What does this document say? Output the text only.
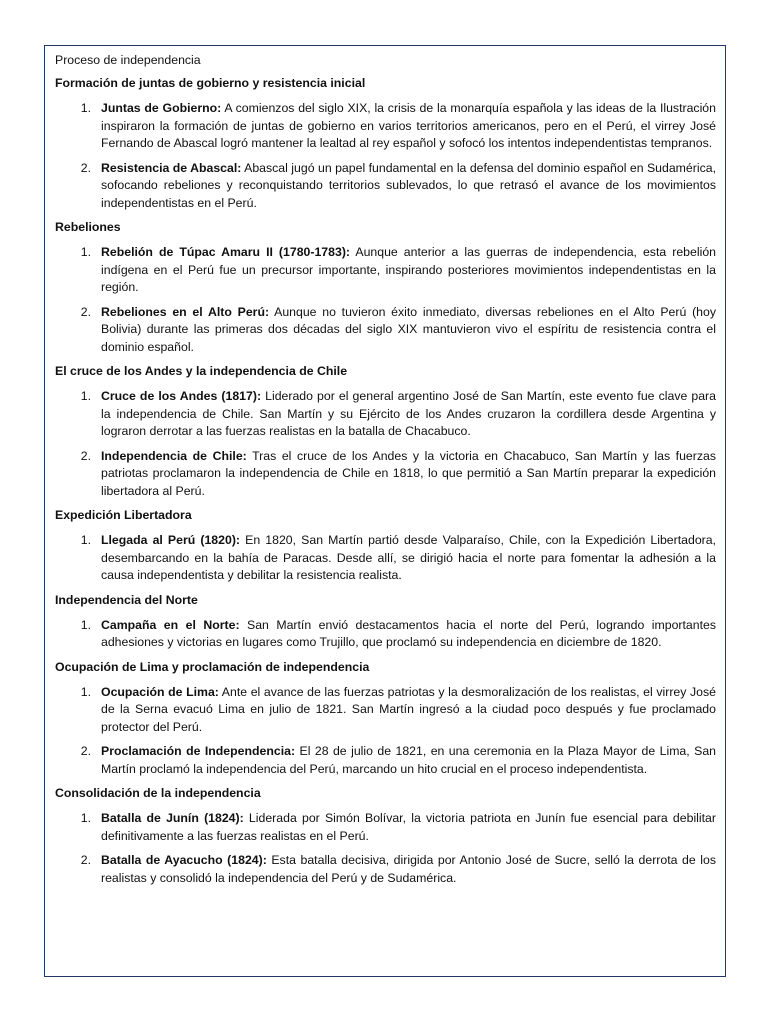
Proceso de independencia
Formación de juntas de gobierno y resistencia inicial
1. Juntas de Gobierno: A comienzos del siglo XIX, la crisis de la monarquía española y las ideas de la Ilustración inspiraron la formación de juntas de gobierno en varios territorios americanos, pero en el Perú, el virrey José Fernando de Abascal logró mantener la lealtad al rey español y sofocó los intentos independentistas tempranos.
2. Resistencia de Abascal: Abascal jugó un papel fundamental en la defensa del dominio español en Sudamérica, sofocando rebeliones y reconquistando territorios sublevados, lo que retrasó el avance de los movimientos independentistas en el Perú.
Rebeliones
1. Rebelión de Túpac Amaru II (1780-1783): Aunque anterior a las guerras de independencia, esta rebelión indígena en el Perú fue un precursor importante, inspirando posteriores movimientos independentistas en la región.
2. Rebeliones en el Alto Perú: Aunque no tuvieron éxito inmediato, diversas rebeliones en el Alto Perú (hoy Bolivia) durante las primeras dos décadas del siglo XIX mantuvieron vivo el espíritu de resistencia contra el dominio español.
El cruce de los Andes y la independencia de Chile
1. Cruce de los Andes (1817): Liderado por el general argentino José de San Martín, este evento fue clave para la independencia de Chile. San Martín y su Ejército de los Andes cruzaron la cordillera desde Argentina y lograron derrotar a las fuerzas realistas en la batalla de Chacabuco.
2. Independencia de Chile: Tras el cruce de los Andes y la victoria en Chacabuco, San Martín y las fuerzas patriotas proclamaron la independencia de Chile en 1818, lo que permitió a San Martín preparar la expedición libertadora al Perú.
Expedición Libertadora
1. Llegada al Perú (1820): En 1820, San Martín partió desde Valparaíso, Chile, con la Expedición Libertadora, desembarcando en la bahía de Paracas. Desde allí, se dirigió hacia el norte para fomentar la adhesión a la causa independentista y debilitar la resistencia realista.
Independencia del Norte
1. Campaña en el Norte: San Martín envió destacamentos hacia el norte del Perú, logrando importantes adhesiones y victorias en lugares como Trujillo, que proclamó su independencia en diciembre de 1820.
Ocupación de Lima y proclamación de independencia
1. Ocupación de Lima: Ante el avance de las fuerzas patriotas y la desmoralización de los realistas, el virrey José de la Serna evacuó Lima en julio de 1821. San Martín ingresó a la ciudad poco después y fue proclamado protector del Perú.
2. Proclamación de Independencia: El 28 de julio de 1821, en una ceremonia en la Plaza Mayor de Lima, San Martín proclamó la independencia del Perú, marcando un hito crucial en el proceso independentista.
Consolidación de la independencia
1. Batalla de Junín (1824): Liderada por Simón Bolívar, la victoria patriota en Junín fue esencial para debilitar definitivamente a las fuerzas realistas en el Perú.
2. Batalla de Ayacucho (1824): Esta batalla decisiva, dirigida por Antonio José de Sucre, selló la derrota de los realistas y consolidó la independencia del Perú y de Sudamérica.
